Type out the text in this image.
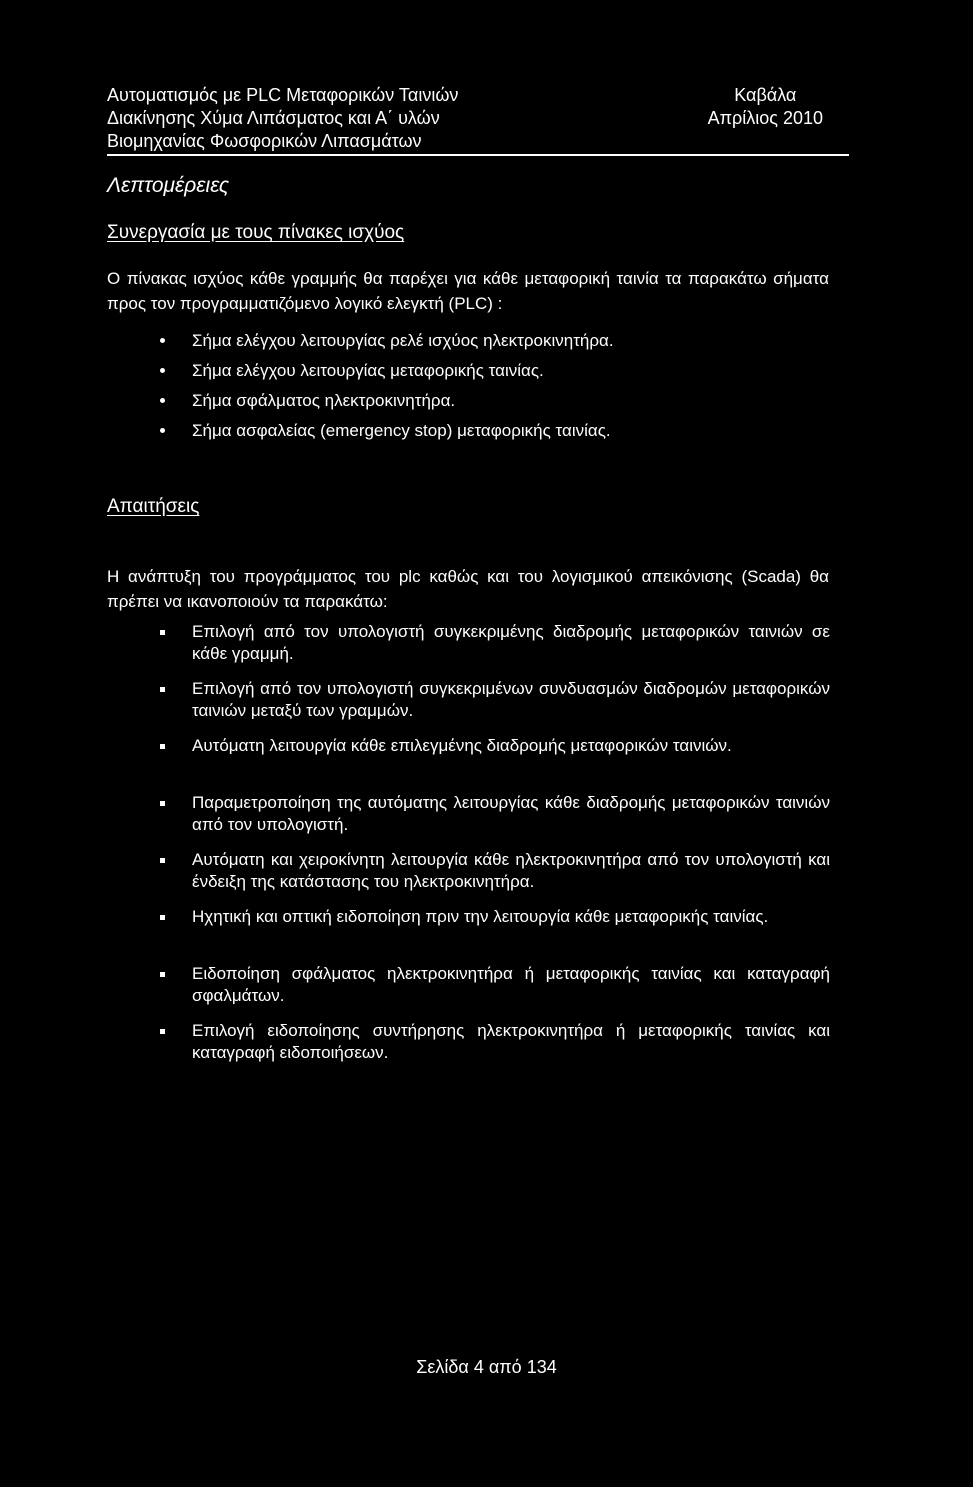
Αυτοματισμός με PLC Μεταφορικών Ταινιών
Διακίνησης Χύμα Λιπάσματος και Α΄ υλών
Βιομηχανίας Φωσφορικών Λιπασμάτων
Καβάλα
Απρίλιος 2010
Λεπτομέρειες
Συνεργασία με τους πίνακες ισχύος
Ο πίνακας ισχύος κάθε γραμμής θα παρέχει για κάθε μεταφορική ταινία τα παρακάτω σήματα προς τον προγραμματιζόμενο λογικό ελεγκτή (PLC) :
Σήμα ελέγχου λειτουργίας ρελέ ισχύος ηλεκτροκινητήρα.
Σήμα ελέγχου λειτουργίας μεταφορικής ταινίας.
Σήμα σφάλματος ηλεκτροκινητήρα.
Σήμα ασφαλείας (emergency stop) μεταφορικής ταινίας.
Απαιτήσεις
Η ανάπτυξη του προγράμματος του plc καθώς και του λογισμικού απεικόνισης (Scada) θα πρέπει να ικανοποιούν τα παρακάτω:
Επιλογή από τον υπολογιστή συγκεκριμένης διαδρομής μεταφορικών ταινιών σε κάθε γραμμή.
Επιλογή από τον υπολογιστή συγκεκριμένων συνδυασμών διαδρομών μεταφορικών ταινιών μεταξύ των γραμμών.
Αυτόματη λειτουργία κάθε επιλεγμένης διαδρομής μεταφορικών ταινιών.
Παραμετροποίηση της αυτόματης λειτουργίας κάθε διαδρομής μεταφορικών ταινιών από τον υπολογιστή.
Αυτόματη και χειροκίνητη λειτουργία κάθε ηλεκτροκινητήρα από τον υπολογιστή και ένδειξη της κατάστασης του ηλεκτροκινητήρα.
Ηχητική και οπτική ειδοποίηση πριν την λειτουργία κάθε μεταφορικής ταινίας.
Ειδοποίηση σφάλματος ηλεκτροκινητήρα ή μεταφορικής ταινίας και καταγραφή σφαλμάτων.
Επιλογή ειδοποίησης συντήρησης ηλεκτροκινητήρα ή μεταφορικής ταινίας και καταγραφή ειδοποιήσεων.
Σελίδα 4 από 134
